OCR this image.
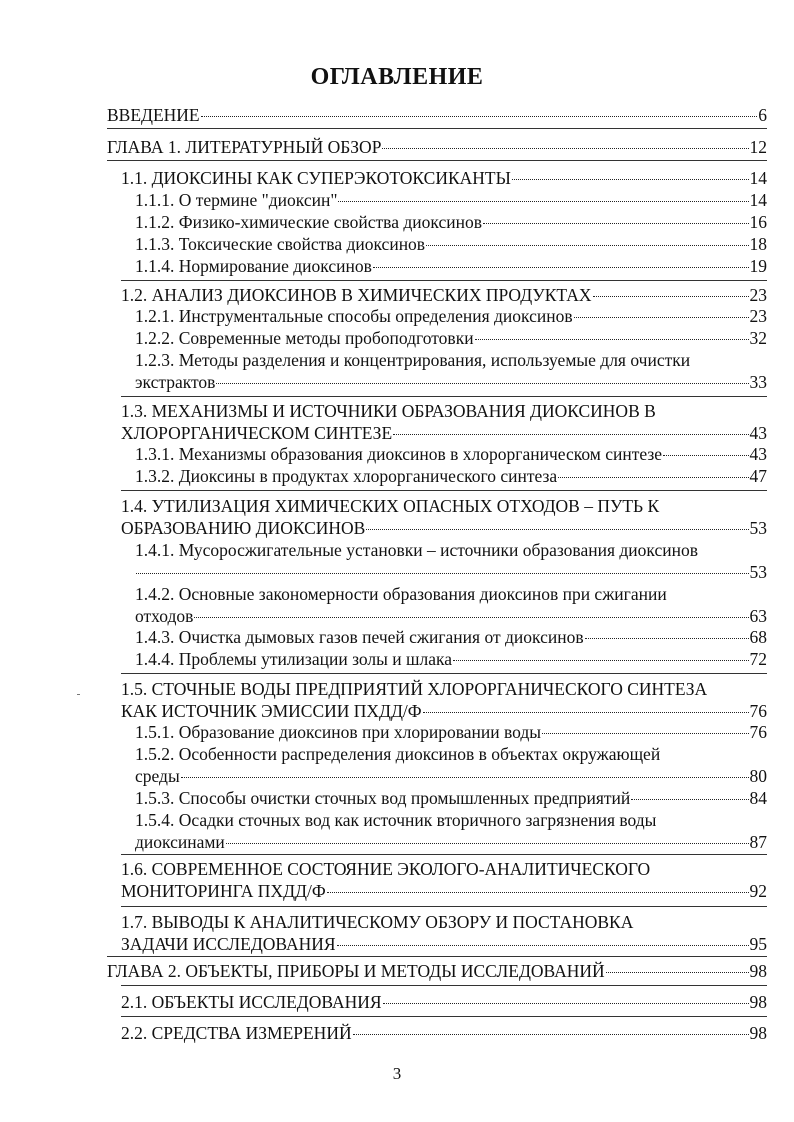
ОГЛАВЛЕНИЕ
ВВЕДЕНИЕ	6
ГЛАВА 1. ЛИТЕРАТУРНЫЙ ОБЗОР	12
1.1. ДИОКСИНЫ КАК СУПЕРЭКОТОКСИКАНТЫ	14
1.1.1. О термине "диоксин"	14
1.1.2. Физико-химические свойства диоксинов	16
1.1.3. Токсические свойства диоксинов	18
1.1.4. Нормирование диоксинов	19
1.2. АНАЛИЗ ДИОКСИНОВ В ХИМИЧЕСКИХ ПРОДУКТАХ	23
1.2.1. Инструментальные способы определения диоксинов	23
1.2.2. Современные методы пробоподготовки	32
1.2.3. Методы разделения и концентрирования, используемые для очистки
экстрактов	33
1.3. МЕХАНИЗМЫ И ИСТОЧНИКИ ОБРАЗОВАНИЯ ДИОКСИНОВ В
ХЛОРОРГАНИЧЕСКОМ СИНТЕЗЕ	43
1.3.1. Механизмы образования диоксинов в хлорорганическом синтезе	43
1.3.2. Диоксины в продуктах хлорорганического синтеза	47
1.4. УТИЛИЗАЦИЯ ХИМИЧЕСКИХ ОПАСНЫХ ОТХОДОВ – ПУТЬ К
ОБРАЗОВАНИЮ ДИОКСИНОВ	53
1.4.1. Мусоросжигательные установки – источники образования диоксинов
53
1.4.2. Основные закономерности образования диоксинов при сжигании
отходов	63
1.4.3. Очистка дымовых газов печей сжигания от диоксинов	68
1.4.4. Проблемы утилизации золы и шлака	72
1.5. СТОЧНЫЕ ВОДЫ ПРЕДПРИЯТИЙ ХЛОРОРГАНИЧЕСКОГО СИНТЕЗА
КАК ИСТОЧНИК ЭМИССИИ ПХДД/Ф	76
1.5.1. Образование диоксинов при хлорировании воды	76
1.5.2. Особенности распределения диоксинов в объектах окружающей
среды	80
1.5.3. Способы очистки сточных вод промышленных предприятий	84
1.5.4. Осадки сточных вод как источник вторичного загрязнения воды
диоксинами	87
1.6. СОВРЕМЕННОЕ СОСТОЯНИЕ ЭКОЛОГО-АНАЛИТИЧЕСКОГО
МОНИТОРИНГА ПХДД/Ф	92
1.7. ВЫВОДЫ К АНАЛИТИЧЕСКОМУ ОБЗОРУ И ПОСТАНОВКА
ЗАДАЧИ ИССЛЕДОВАНИЯ	95
ГЛАВА 2. ОБЪЕКТЫ, ПРИБОРЫ И МЕТОДЫ ИССЛЕДОВАНИЙ	98
2.1. ОБЪЕКТЫ ИССЛЕДОВАНИЯ	98
2.2. СРЕДСТВА ИЗМЕРЕНИЙ	98
3
